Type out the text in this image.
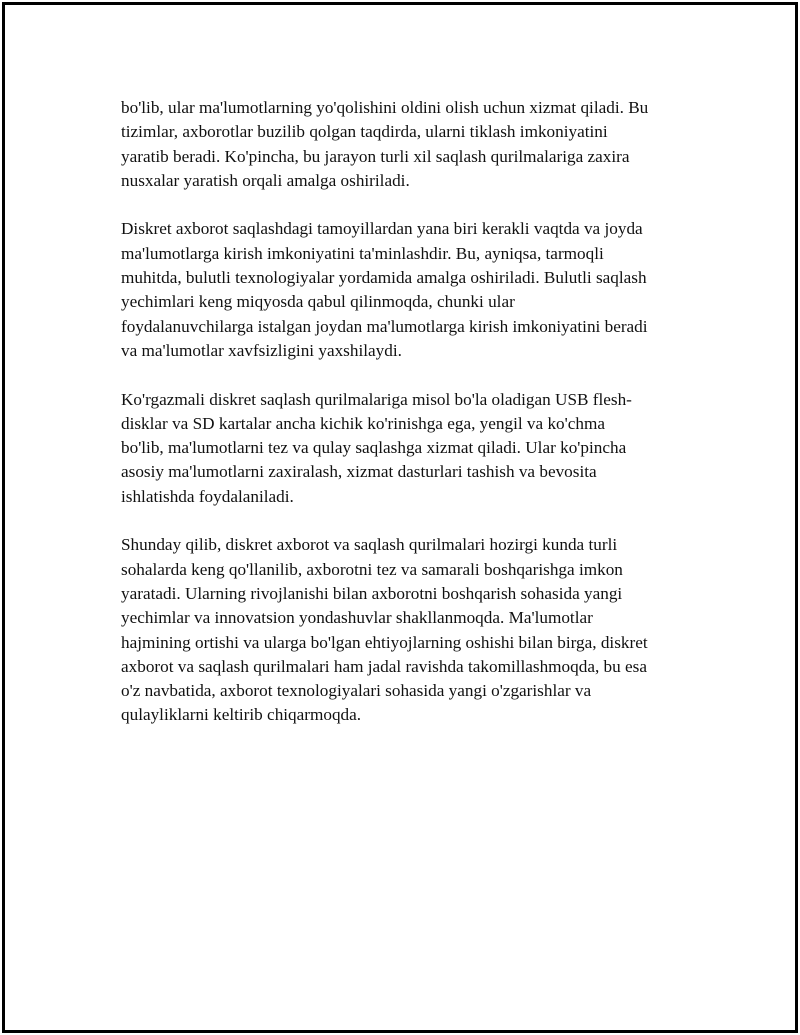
bo'lib, ular ma'lumotlarning yo'qolishini oldini olish uchun xizmat qiladi. Bu
tizimlar, axborotlar buzilib qolgan taqdirda, ularni tiklash imkoniyatini
yaratib beradi. Ko'pincha, bu jarayon turli xil saqlash qurilmalariga zaxira
nusxalar yaratish orqali amalga oshiriladi.

Diskret axborot saqlashdagi tamoyillardan yana biri kerakli vaqtda va joyda
ma'lumotlarga kirish imkoniyatini ta'minlashdir. Bu, ayniqsa, tarmoqli
muhitda, bulutli texnologiyalar yordamida amalga oshiriladi. Bulutli saqlash
yechimlari keng miqyosda qabul qilinmoqda, chunki ular
foydalanuvchilarga istalgan joydan ma'lumotlarga kirish imkoniyatini beradi
va ma'lumotlar xavfsizligini yaxshilaydi.

Ko'rgazmali diskret saqlash qurilmalariga misol bo'la oladigan USB flesh-
disklar va SD kartalar ancha kichik ko'rinishga ega, yengil va ko'chma
bo'lib, ma'lumotlarni tez va qulay saqlashga xizmat qiladi. Ular ko'pincha
asosiy ma'lumotlarni zaxiralash, xizmat dasturlari tashish va bevosita
ishlatishda foydalaniladi.

Shunday qilib, diskret axborot va saqlash qurilmalari hozirgi kunda turli
sohalarda keng qo'llanilib, axborotni tez va samarali boshqarishga imkon
yaratadi. Ularning rivojlanishi bilan axborotni boshqarish sohasida yangi
yechimlar va innovatsion yondashuvlar shakllanmoqda. Ma'lumotlar
hajmining ortishi va ularga bo'lgan ehtiyojlarning oshishi bilan birga, diskret
axborot va saqlash qurilmalari ham jadal ravishda takomillashmoqda, bu esa
o'z navbatida, axborot texnologiyalari sohasida yangi o'zgarishlar va
qulayliklarni keltirib chiqarmoqda.
